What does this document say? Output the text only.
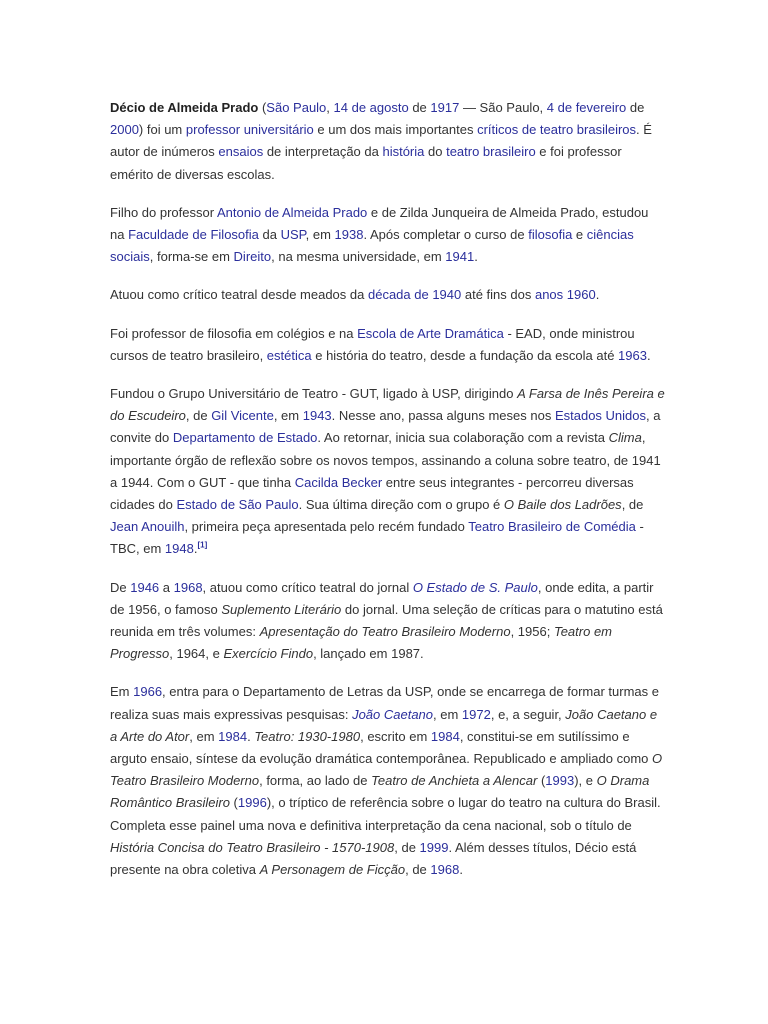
Décio de Almeida Prado (São Paulo, 14 de agosto de 1917 — São Paulo, 4 de fevereiro de 2000) foi um professor universitário e um dos mais importantes críticos de teatro brasileiros. É autor de inúmeros ensaios de interpretação da história do teatro brasileiro e foi professor emérito de diversas escolas.

Filho do professor Antonio de Almeida Prado e de Zilda Junqueira de Almeida Prado, estudou na Faculdade de Filosofia da USP, em 1938. Após completar o curso de filosofia e ciências sociais, forma-se em Direito, na mesma universidade, em 1941.

Atuou como crítico teatral desde meados da década de 1940 até fins dos anos 1960.

Foi professor de filosofia em colégios e na Escola de Arte Dramática - EAD, onde ministrou cursos de teatro brasileiro, estética e história do teatro, desde a fundação da escola até 1963.

Fundou o Grupo Universitário de Teatro - GUT, ligado à USP, dirigindo A Farsa de Inês Pereira e do Escudeiro, de Gil Vicente, em 1943. Nesse ano, passa alguns meses nos Estados Unidos, a convite do Departamento de Estado. Ao retornar, inicia sua colaboração com a revista Clima, importante órgão de reflexão sobre os novos tempos, assinando a coluna sobre teatro, de 1941 a 1944. Com o GUT - que tinha Cacilda Becker entre seus integrantes - percorreu diversas cidades do Estado de São Paulo. Sua última direção com o grupo é O Baile dos Ladrões, de Jean Anouilh, primeira peça apresentada pelo recém fundado Teatro Brasileiro de Comédia - TBC, em 1948.[1]

De 1946 a 1968, atuou como crítico teatral do jornal O Estado de S. Paulo, onde edita, a partir de 1956, o famoso Suplemento Literário do jornal. Uma seleção de críticas para o matutino está reunida em três volumes: Apresentação do Teatro Brasileiro Moderno, 1956; Teatro em Progresso, 1964, e Exercício Findo, lançado em 1987.

Em 1966, entra para o Departamento de Letras da USP, onde se encarrega de formar turmas e realiza suas mais expressivas pesquisas: João Caetano, em 1972, e, a seguir, João Caetano e a Arte do Ator, em 1984. Teatro: 1930-1980, escrito em 1984, constitui-se em sutilíssimo e arguto ensaio, síntese da evolução dramática contemporânea. Republicado e ampliado como O Teatro Brasileiro Moderno, forma, ao lado de Teatro de Anchieta a Alencar (1993), e O Drama Romântico Brasileiro (1996), o tríptico de referência sobre o lugar do teatro na cultura do Brasil. Completa esse painel uma nova e definitiva interpretação da cena nacional, sob o título de História Concisa do Teatro Brasileiro - 1570-1908, de 1999. Além desses títulos, Décio está presente na obra coletiva A Personagem de Ficção, de 1968.
